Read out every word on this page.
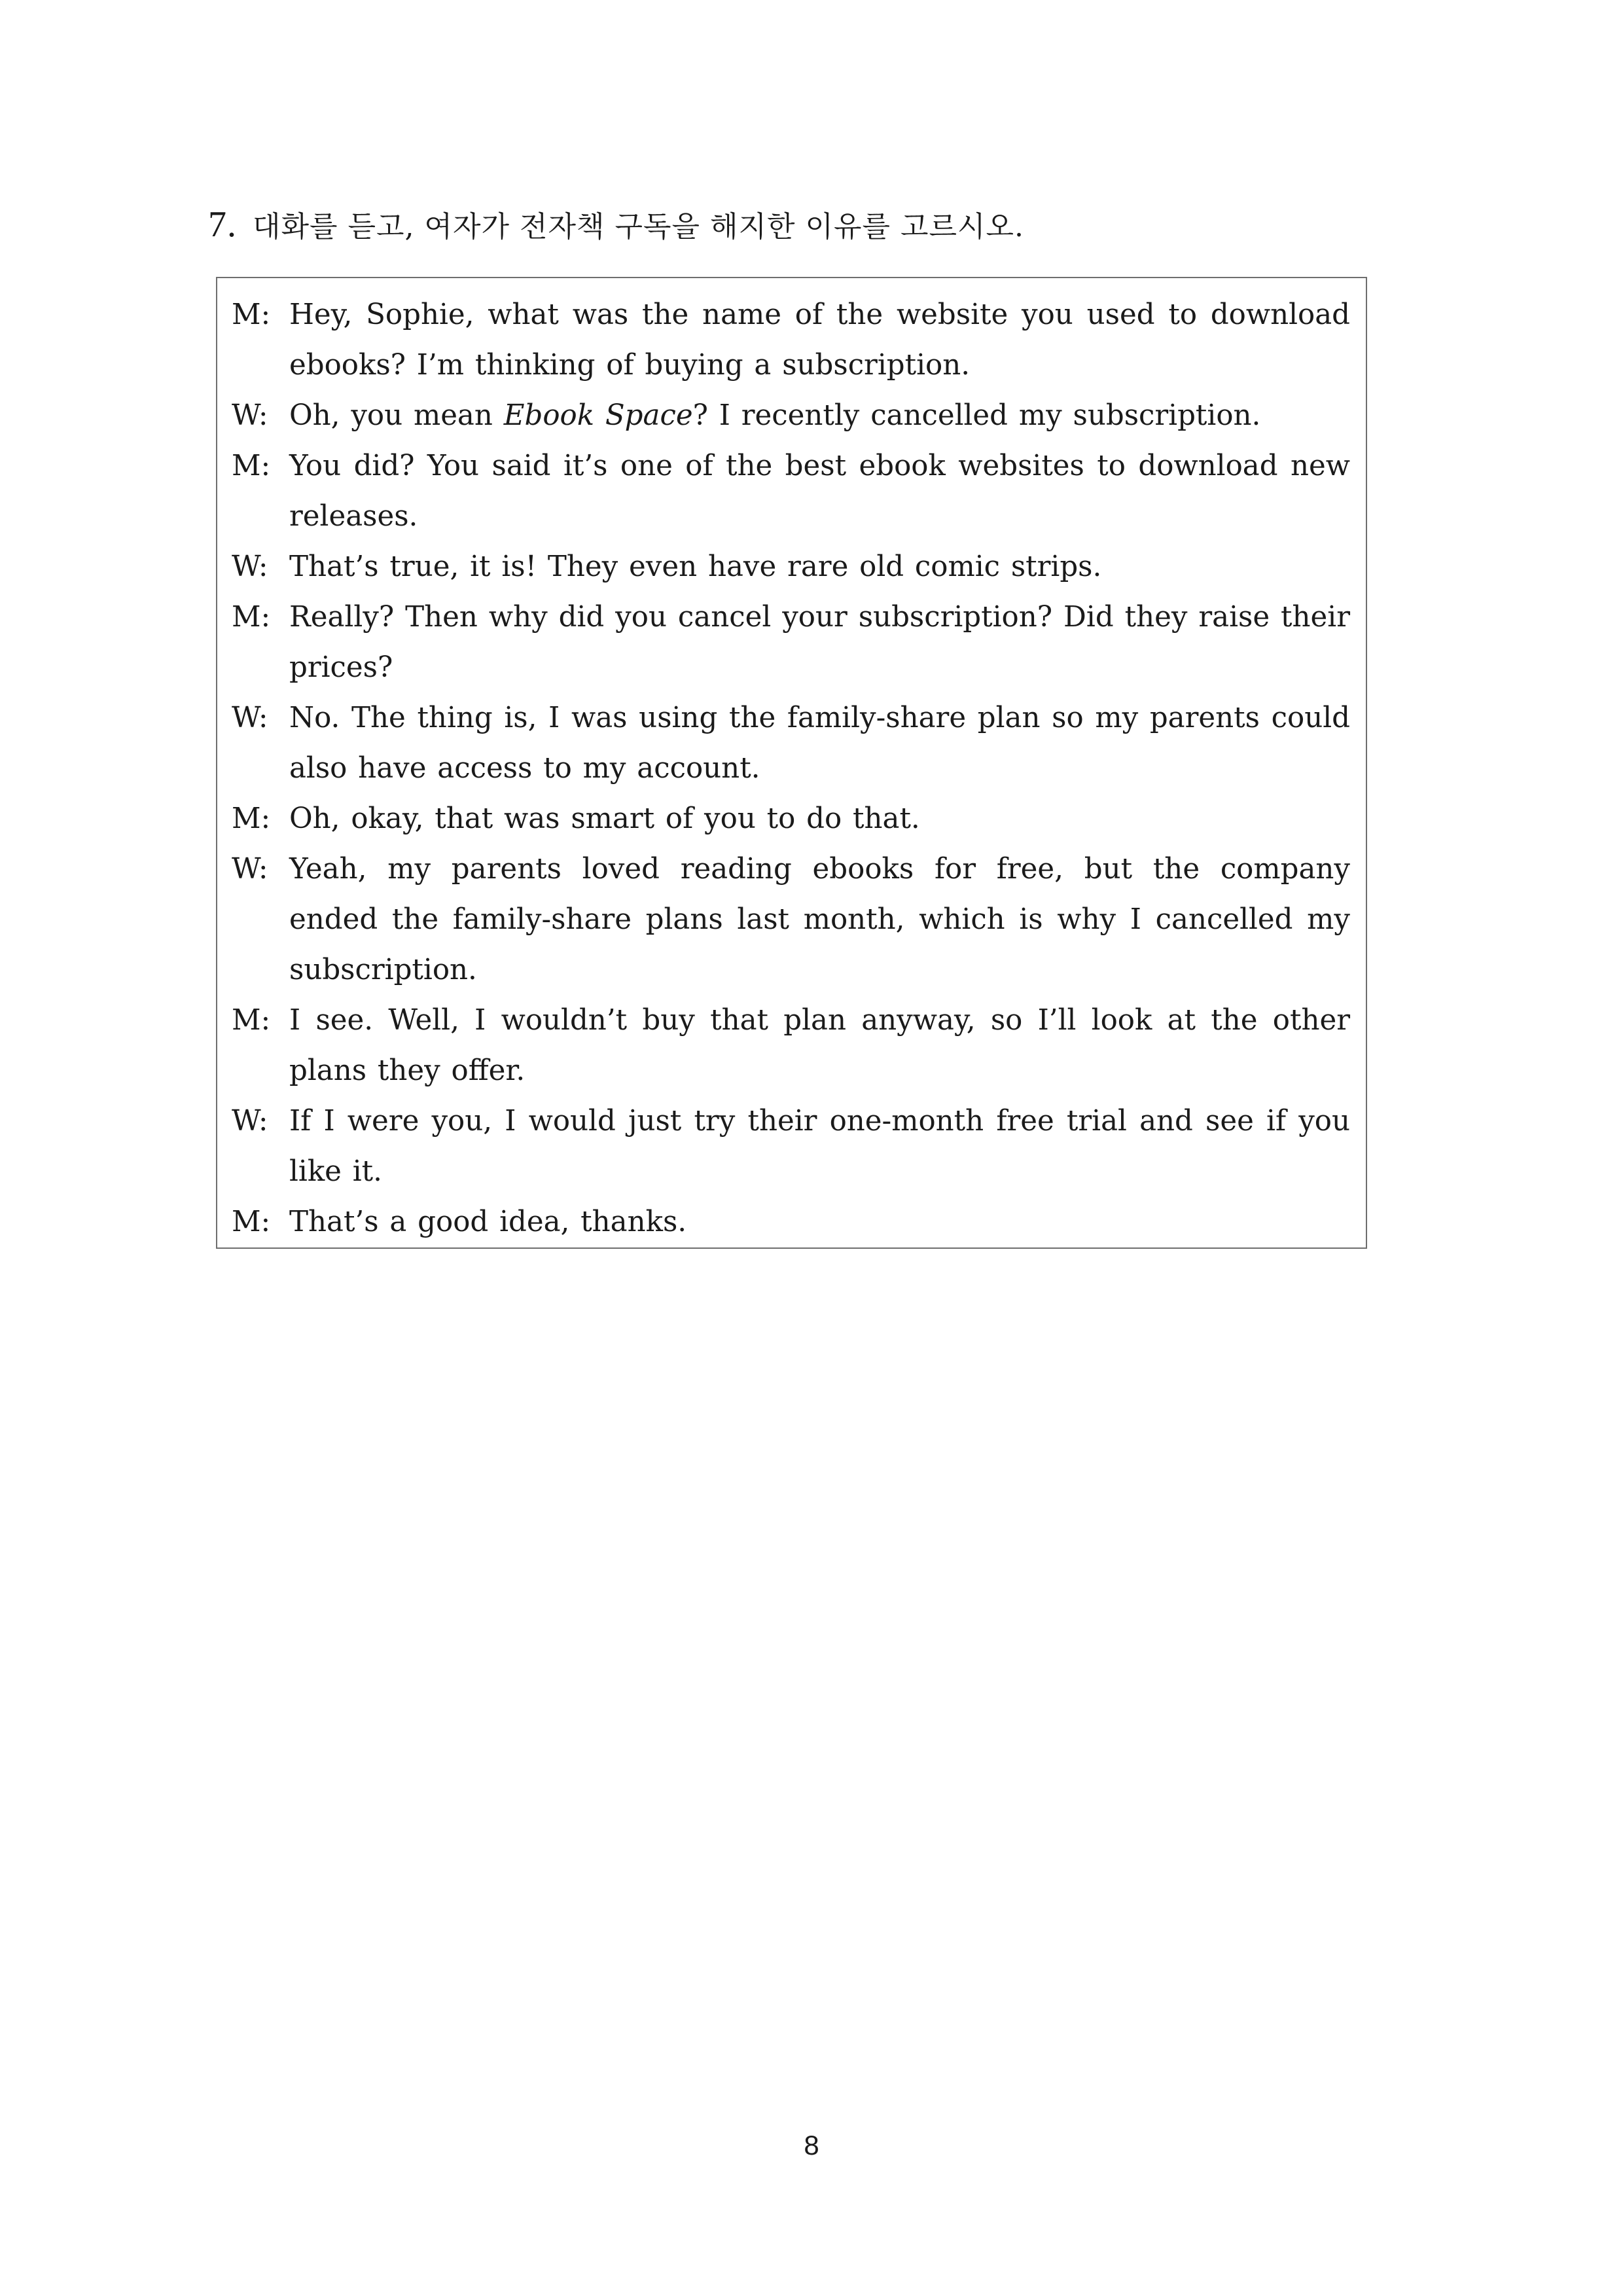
7. 대화를 듣고, 여자가 전자책 구독을 해지한 이유를 고르시오.
M: Hey, Sophie, what was the name of the website you used to download ebooks? I’m thinking of buying a subscription.
W: Oh, you mean Ebook Space? I recently cancelled my subscription.
M: You did? You said it’s one of the best ebook websites to download new releases.
W: That’s true, it is! They even have rare old comic strips.
M: Really? Then why did you cancel your subscription? Did they raise their prices?
W: No. The thing is, I was using the family-share plan so my parents could also have access to my account.
M: Oh, okay, that was smart of you to do that.
W: Yeah, my parents loved reading ebooks for free, but the company ended the family-share plans last month, which is why I cancelled my subscription.
M: I see. Well, I wouldn’t buy that plan anyway, so I’ll look at the other plans they offer.
W: If I were you, I would just try their one-month free trial and see if you like it.
M: That’s a good idea, thanks.
8
